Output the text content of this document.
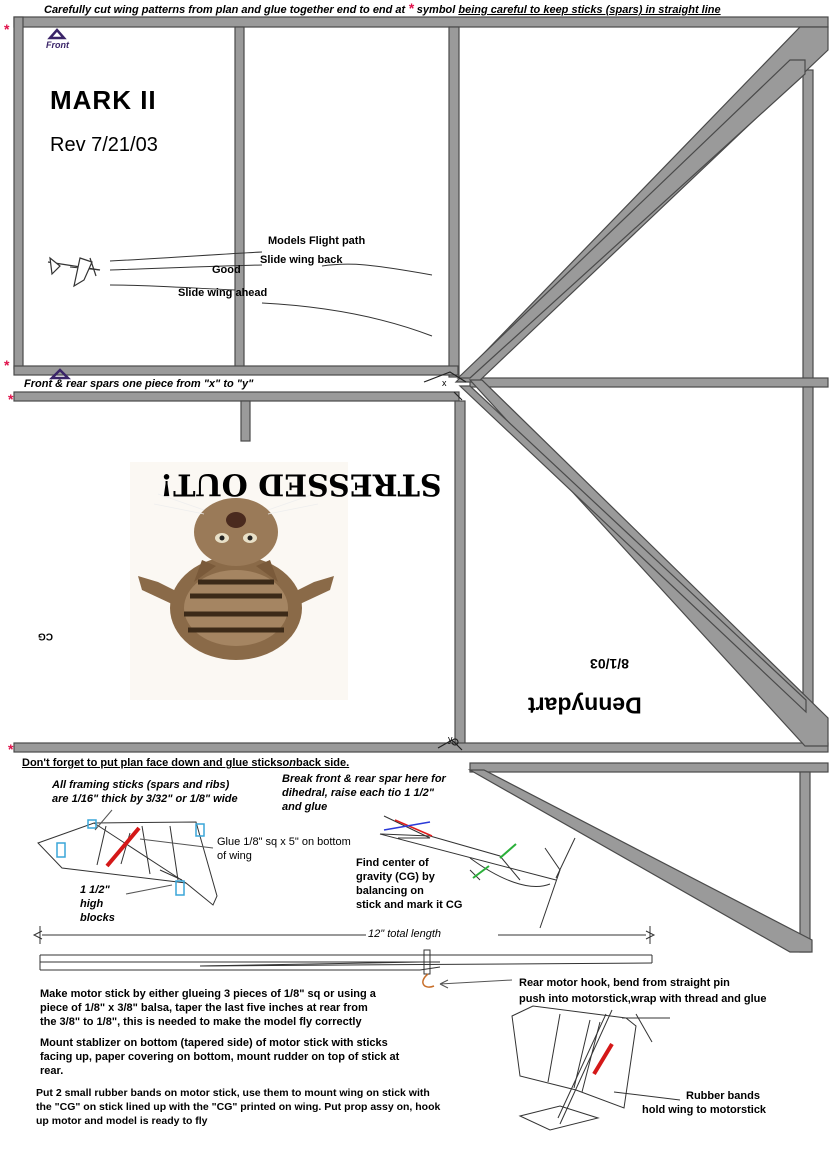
*
*
*
*
Carefully cut wing patterns from plan and glue together end to end at * symbol being careful to keep sticks (spars) in straight line
Front
MARK II
Rev 7/21/03
Models Flight path
Slide wing back
Good
Slide wing ahead
Front & rear spars one piece from "x" to "y"
CG
8/1/03
Dennydart
STRESSED OUT!
Don't forget to put plan face down and glue sticksonback side.
All framing sticks (spars and ribs)
are 1/16" thick by 3/32" or 1/8" wide
Break front & rear spar here for
dihedral, raise each tio 1 1/2"
and glue
Glue 1/8" sq x 5" on bottom
of wing
1 1/2"
high
blocks
Find center of
gravity (CG) by
balancing on
stick and mark it CG
12" total length
Rear motor hook, bend from straight pin
push into motorstick,wrap with thread and glue
Make motor stick by either glueing 3 pieces of 1/8" sq or using a
piece of 1/8" x 3/8" balsa, taper the last five inches at rear from
the 3/8" to 1/8", this is needed to make the model fly correctly
Mount stablizer on bottom (tapered side) of motor stick with sticks
facing up, paper covering on bottom, mount rudder on top of stick at
rear.
Put 2 small rubber bands on motor stick, use them to mount wing on stick with
the "CG" on stick lined up with the "CG" printed on wing. Put prop assy on, hook
up motor and model is ready to fly
Rubber bands
hold wing to motorstick
x
y
